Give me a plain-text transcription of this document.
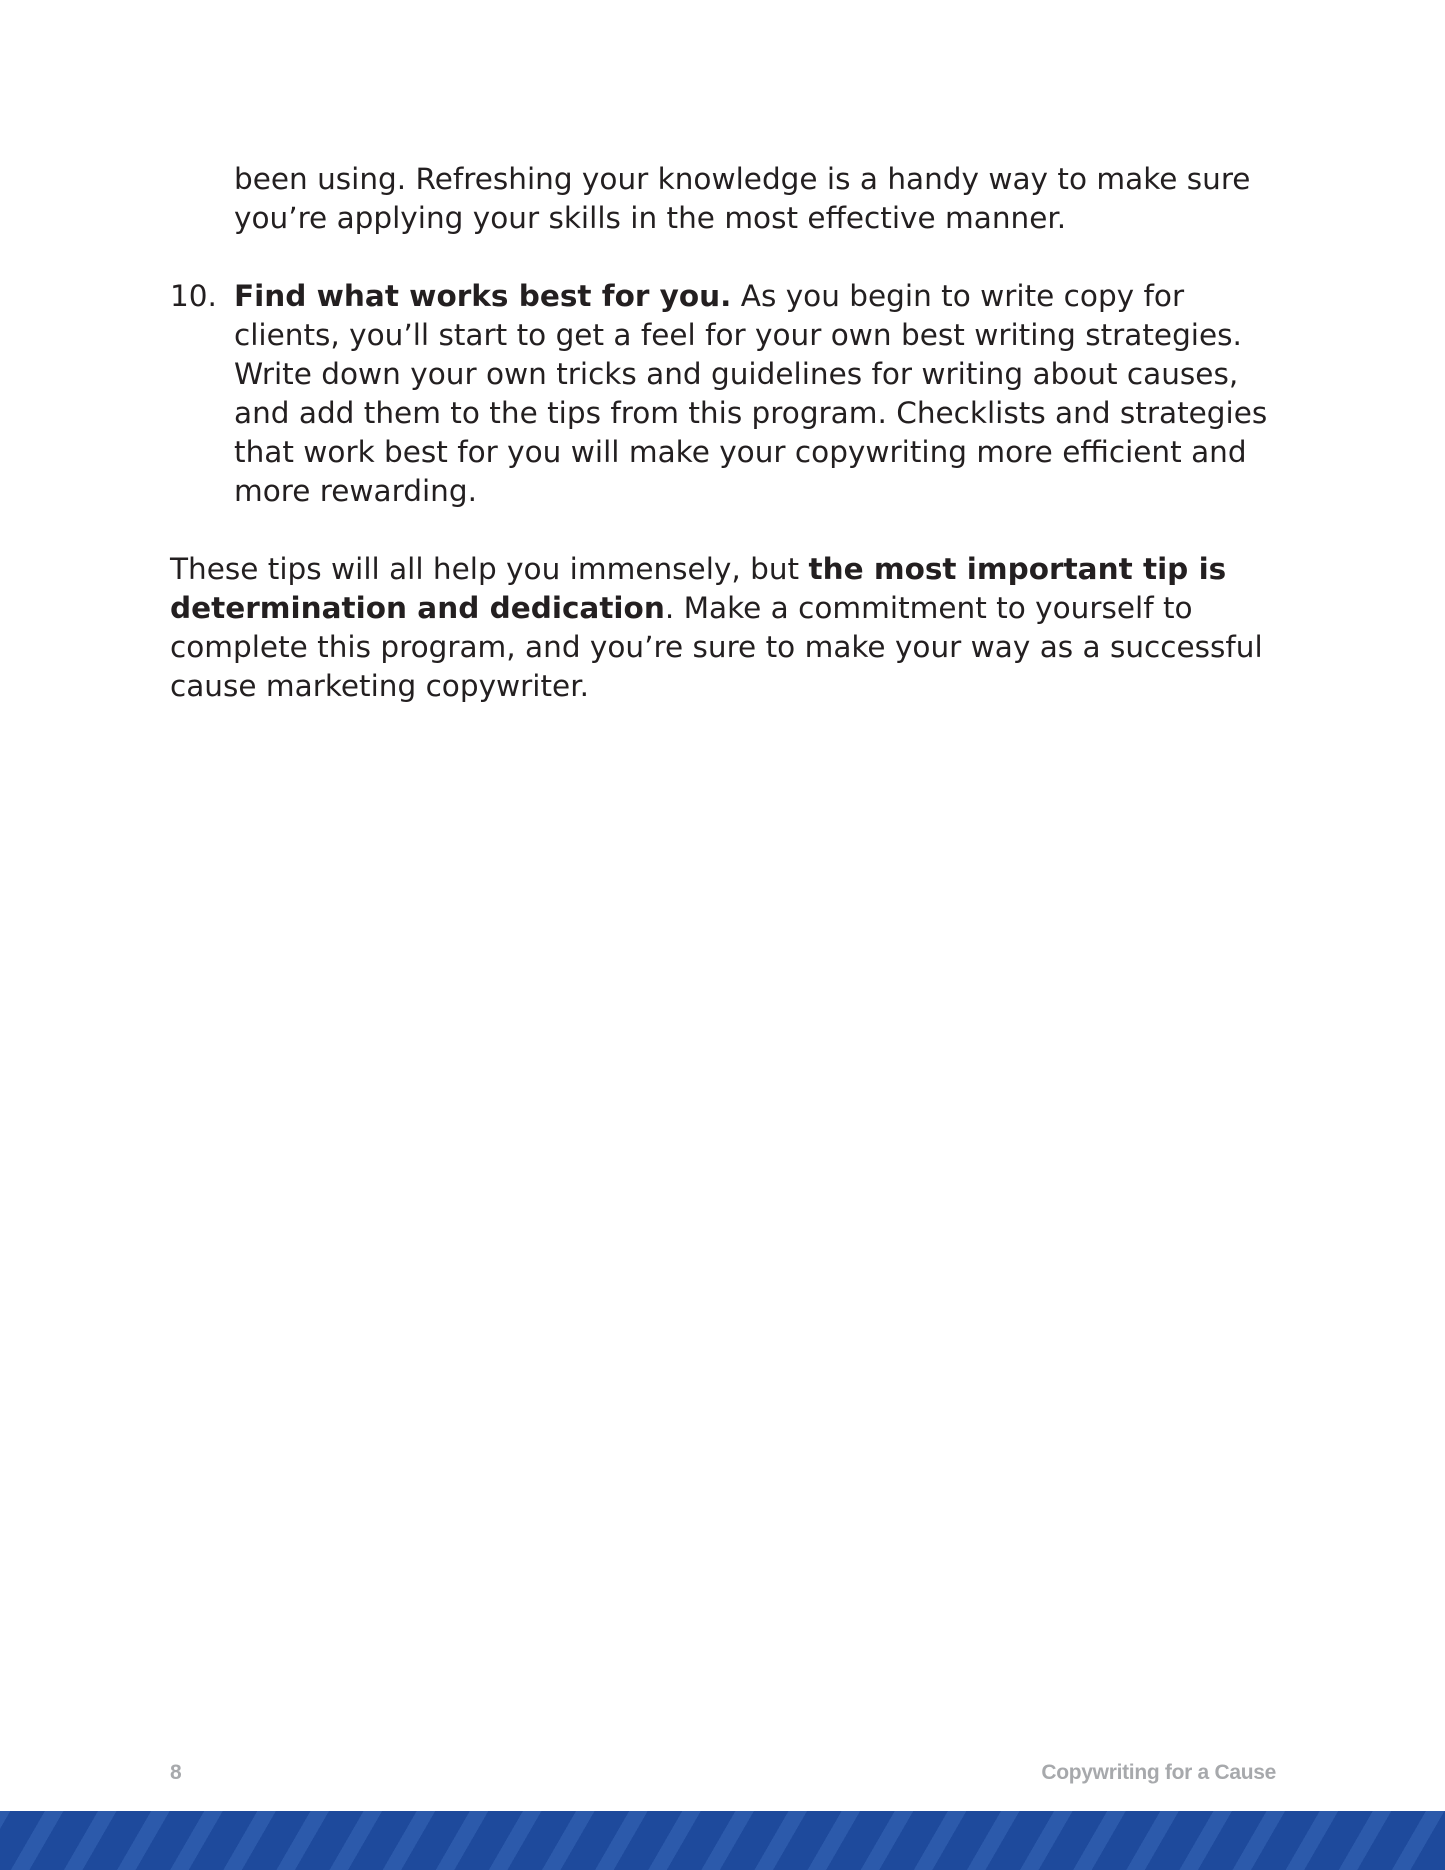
been using. Refreshing your knowledge is a handy way to make sure you’re applying your skills in the most effective manner.

10. Find what works best for you. As you begin to write copy for clients, you’ll start to get a feel for your own best writing strategies. Write down your own tricks and guidelines for writing about causes, and add them to the tips from this program. Checklists and strategies that work best for you will make your copywriting more efficient and more rewarding.

These tips will all help you immensely, but the most important tip is determination and dedication. Make a commitment to yourself to complete this program, and you’re sure to make your way as a successful cause marketing copywriter.

8	Copywriting for a Cause
